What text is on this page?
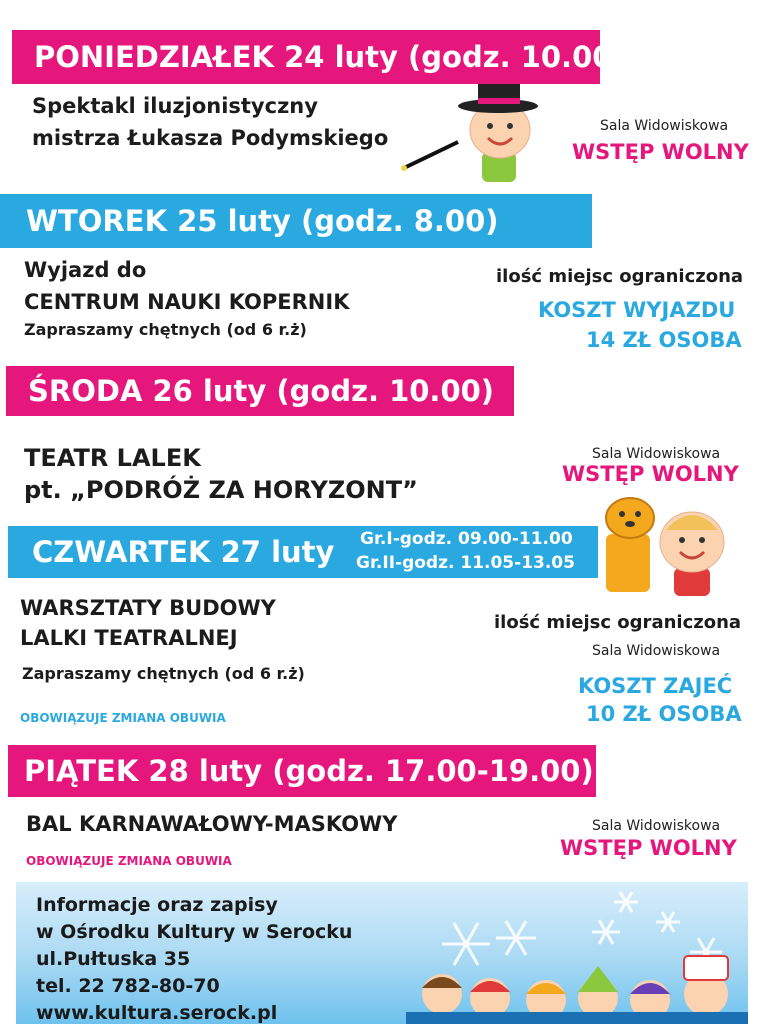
PONIEDZIAŁEK 24 luty (godz. 10.00)
Spektakl iluzjonistyczny
mistrza Łukasza Podymskiego	Sala Widowiskowa
WSTĘP WOLNY
WTOREK 25 luty (godz. 8.00)
Wyjazd do
CENTRUM NAUKI KOPERNIK
Zapraszamy chętnych (od 6 r.ż)
ilość miejsc ograniczona
KOSZT WYJAZDU
14 ZŁ OSOBA
ŚRODA 26 luty (godz. 10.00)
TEATR LALEK
pt. „PODRÓŻ ZA HORYZONT”
Sala Widowiskowa
WSTĘP WOLNY
CZWARTEK 27 luty Gr.I-godz. 09.00-11.00
Gr.II-godz. 11.05-13.05
WARSZTATY BUDOWY
LALKI TEATRALNEJ
Zapraszamy chętnych (od 6 r.ż)
OBOWIĄZUJE ZMIANA OBUWIA
ilość miejsc ograniczona
Sala Widowiskowa
KOSZT ZAJEĆ
10 ZŁ OSOBA
PIĄTEK 28 luty (godz. 17.00-19.00)
BAL KARNAWAŁOWY-MASKOWY
OBOWIĄZUJE ZMIANA OBUWIA
Sala Widowiskowa
WSTĘP WOLNY
Informacje oraz zapisy
w Ośrodku Kultury w Serocku
ul.Pułtuska 35
tel. 22 782-80-70
www.kultura.serock.pl
